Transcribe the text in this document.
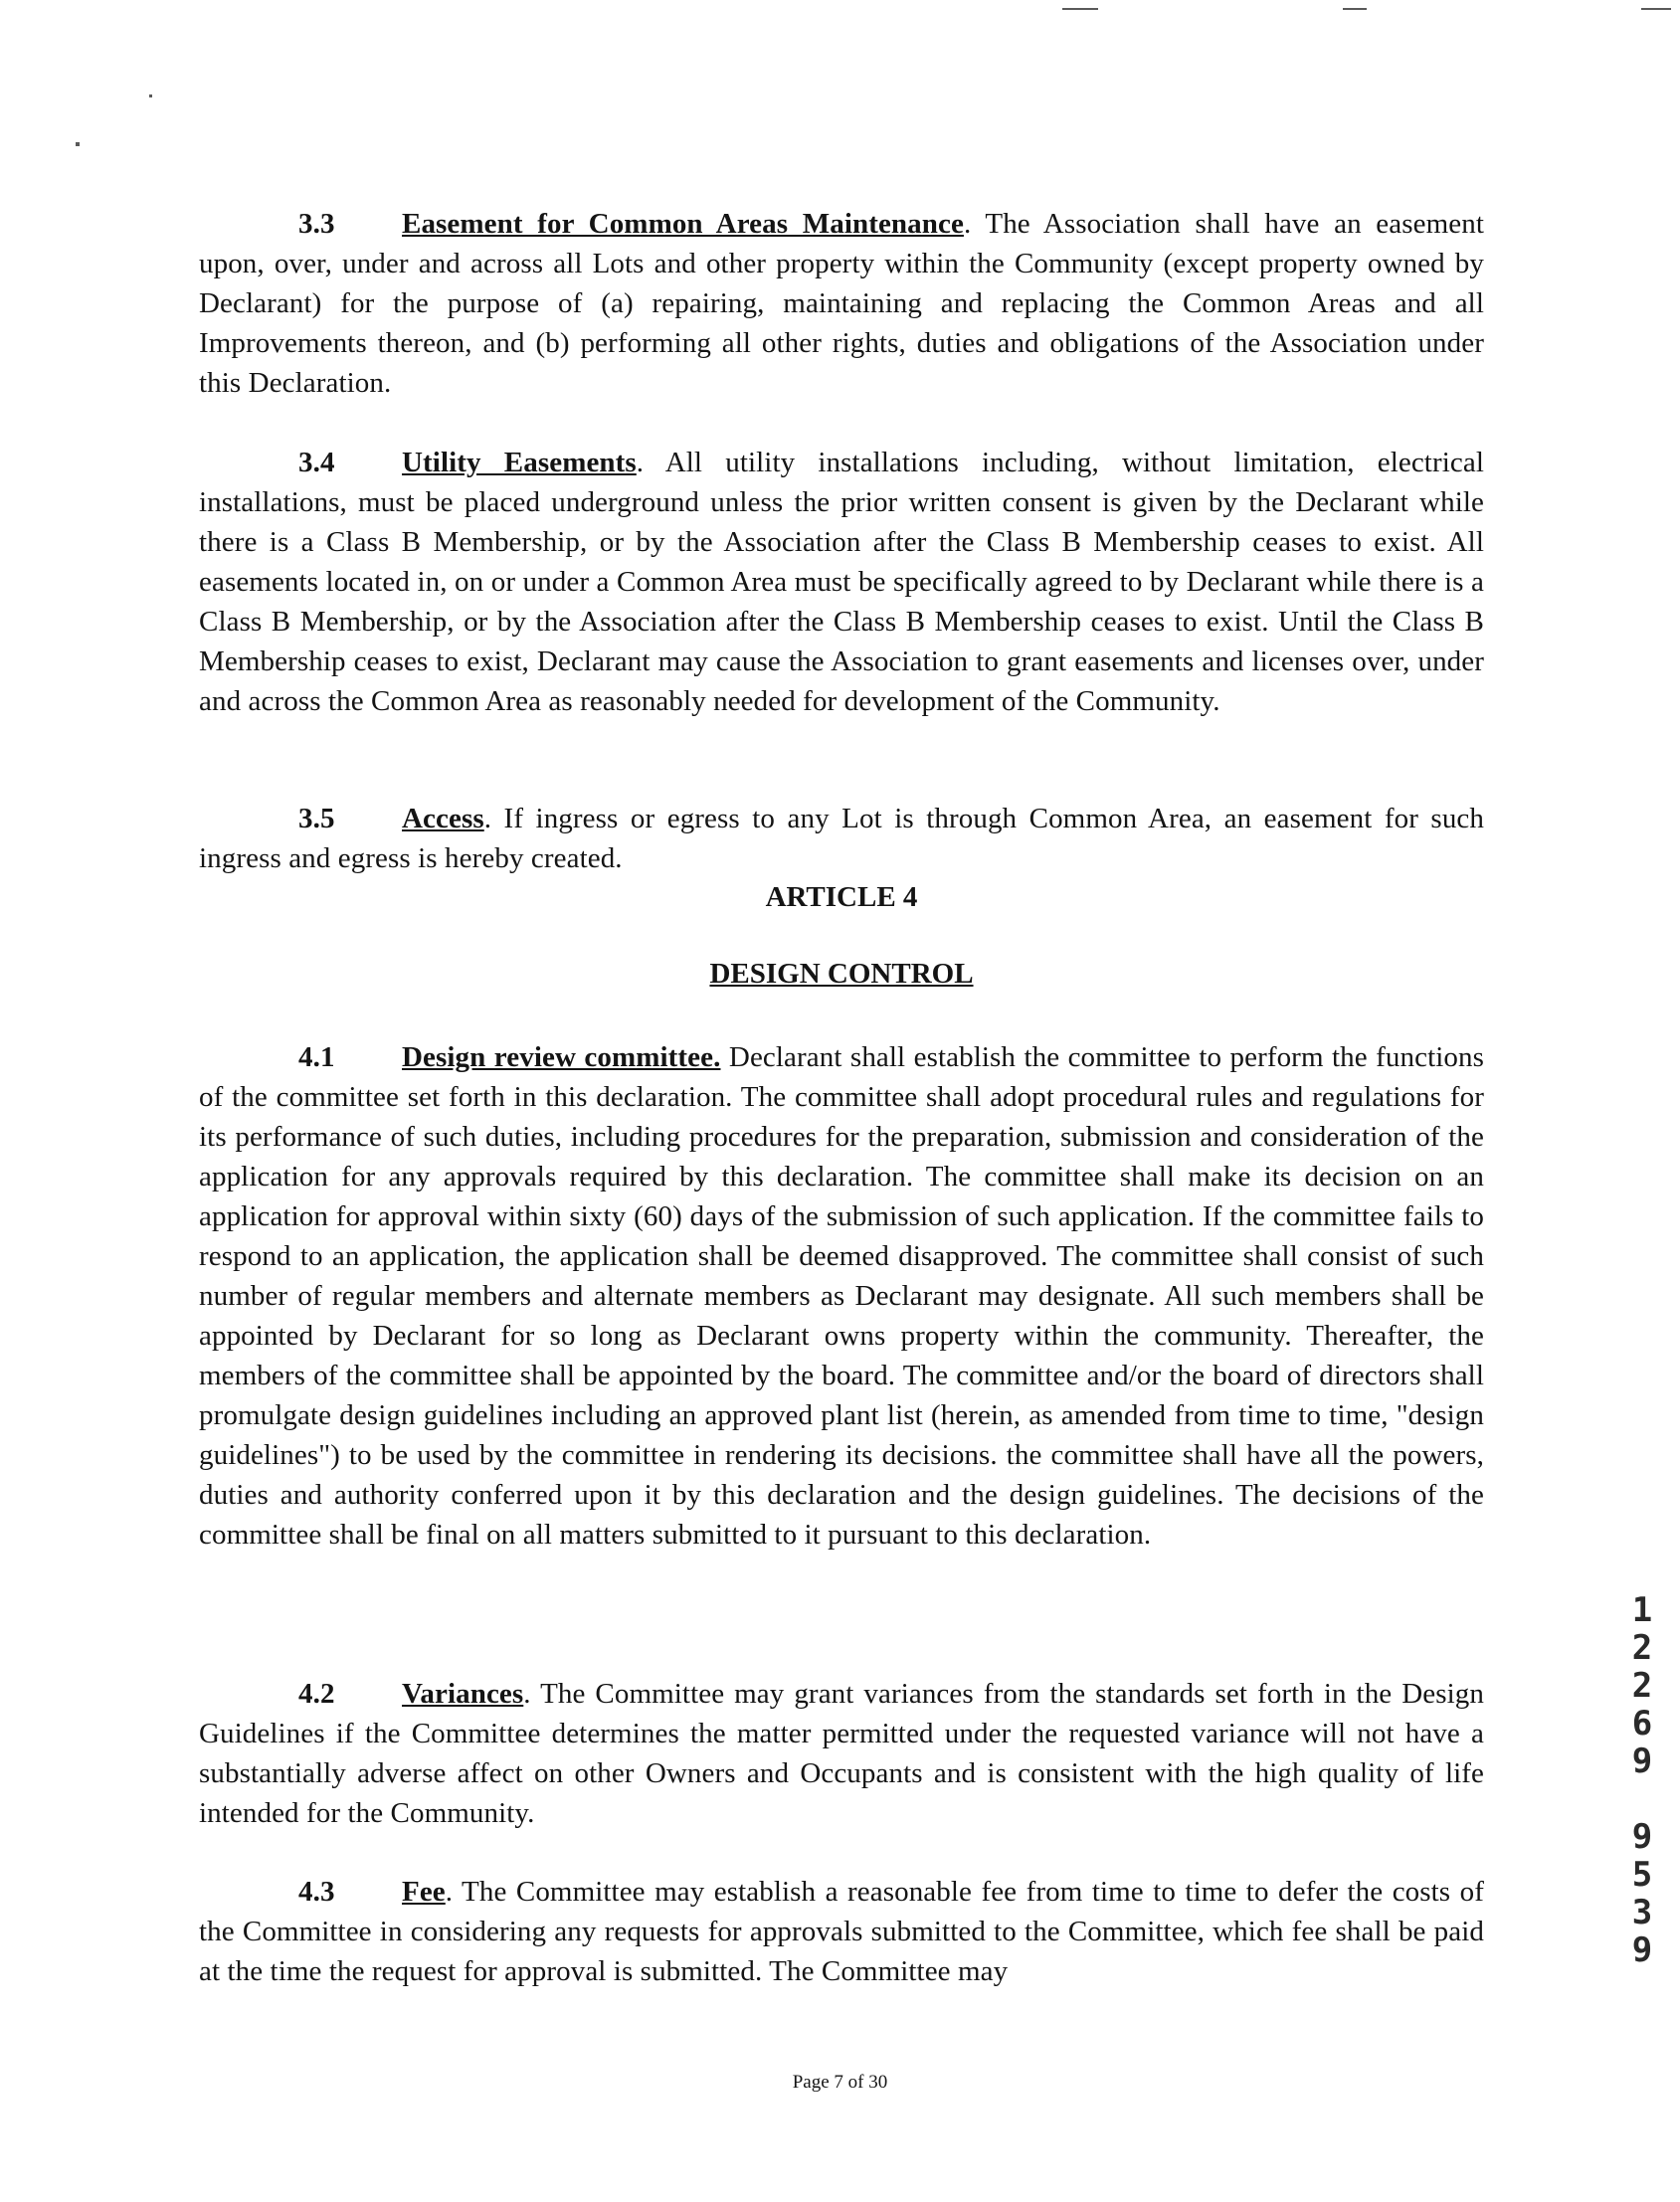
3.3 Easement for Common Areas Maintenance. The Association shall have an easement upon, over, under and across all Lots and other property within the Community (except property owned by Declarant) for the purpose of (a) repairing, maintaining and replacing the Common Areas and all Improvements thereon, and (b) performing all other rights, duties and obligations of the Association under this Declaration.
3.4 Utility Easements. All utility installations including, without limitation, electrical installations, must be placed underground unless the prior written consent is given by the Declarant while there is a Class B Membership, or by the Association after the Class B Membership ceases to exist. All easements located in, on or under a Common Area must be specifically agreed to by Declarant while there is a Class B Membership, or by the Association after the Class B Membership ceases to exist. Until the Class B Membership ceases to exist, Declarant may cause the Association to grant easements and licenses over, under and across the Common Area as reasonably needed for development of the Community.
3.5 Access. If ingress or egress to any Lot is through Common Area, an easement for such ingress and egress is hereby created.
ARTICLE 4
DESIGN CONTROL
4.1 Design review committee. Declarant shall establish the committee to perform the functions of the committee set forth in this declaration. The committee shall adopt procedural rules and regulations for its performance of such duties, including procedures for the preparation, submission and consideration of the application for any approvals required by this declaration. The committee shall make its decision on an application for approval within sixty (60) days of the submission of such application. If the committee fails to respond to an application, the application shall be deemed disapproved. The committee shall consist of such number of regular members and alternate members as Declarant may designate. All such members shall be appointed by Declarant for so long as Declarant owns property within the community. Thereafter, the members of the committee shall be appointed by the board. The committee and/or the board of directors shall promulgate design guidelines including an approved plant list (herein, as amended from time to time, "design guidelines") to be used by the committee in rendering its decisions. the committee shall have all the powers, duties and authority conferred upon it by this declaration and the design guidelines. The decisions of the committee shall be final on all matters submitted to it pursuant to this declaration.
4.2 Variances. The Committee may grant variances from the standards set forth in the Design Guidelines if the Committee determines the matter permitted under the requested variance will not have a substantially adverse affect on other Owners and Occupants and is consistent with the high quality of life intended for the Community.
4.3 Fee. The Committee may establish a reasonable fee from time to time to defer the costs of the Committee in considering any requests for approvals submitted to the Committee, which fee shall be paid at the time the request for approval is submitted. The Committee may
Page 7 of 30
1
2
2
6
9
9
5
3
9
